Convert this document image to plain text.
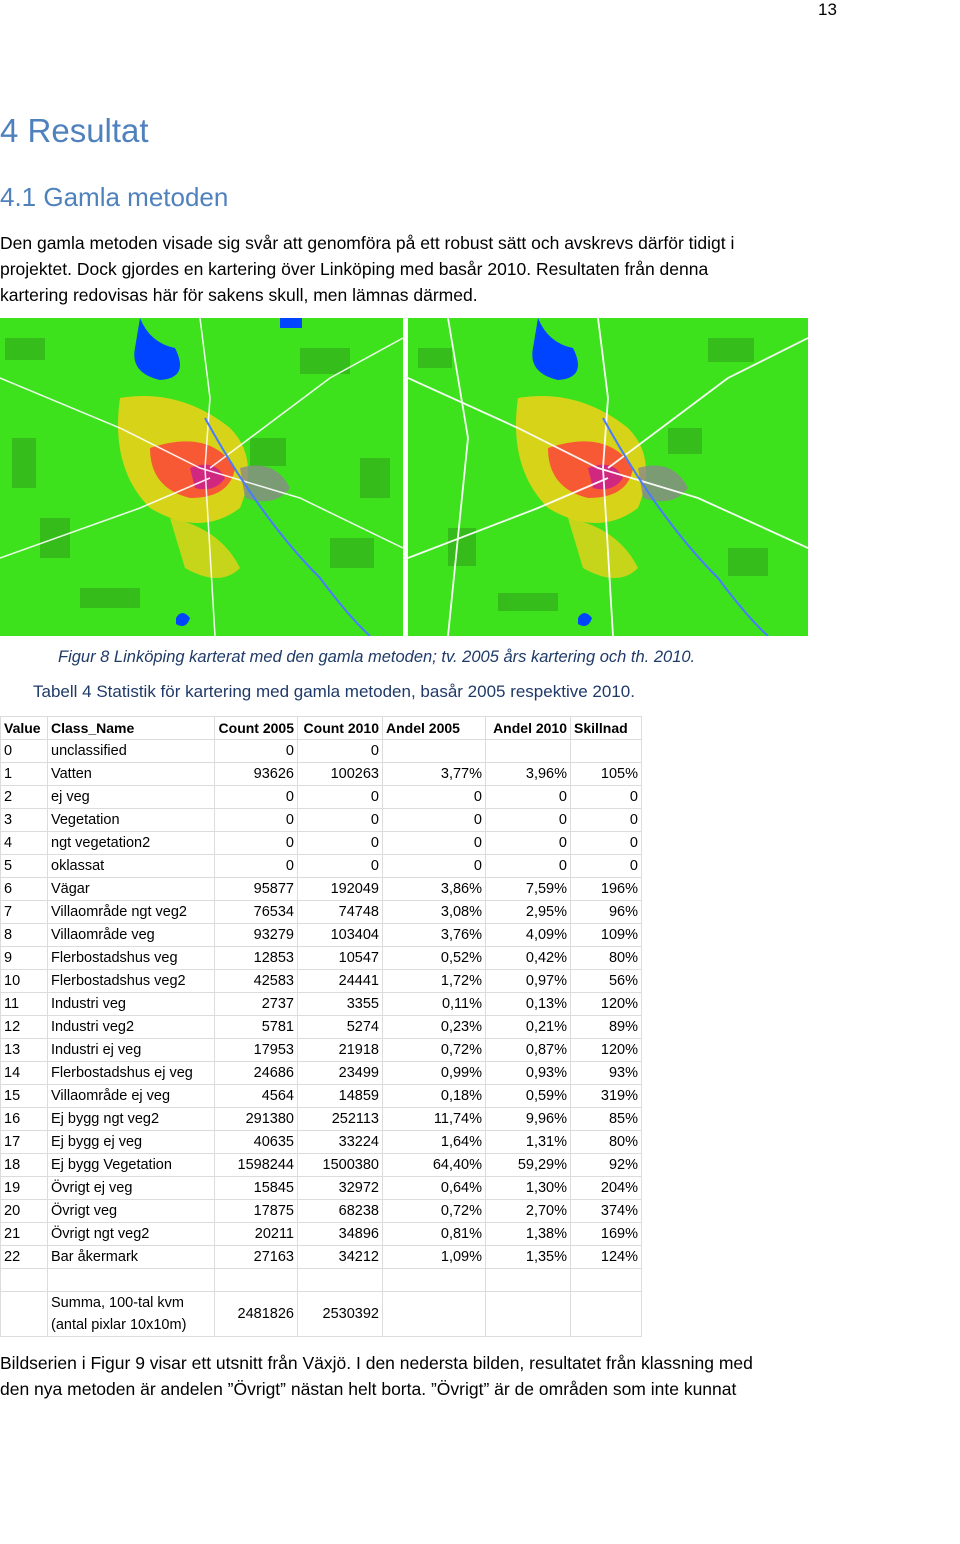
13
4 Resultat
4.1 Gamla metoden
Den gamla metoden visade sig svår att genomföra på ett robust sätt och avskrevs därför tidigt i
projektet. Dock gjordes en kartering över Linköping med basår 2010. Resultaten från denna
kartering redovisas här för sakens skull, men lämnas därmed.
Figur 8 Linköping karterat med den gamla metoden; tv. 2005 års kartering och th. 2010.
Tabell 4 Statistik för kartering med gamla metoden, basår 2005 respektive 2010.
Value	Class_Name	Count 2005	Count 2010	Andel 2005	Andel 2010	Skillnad
0	unclassified	0	0			
1	Vatten	93626	100263	3,77%	3,96%	105%
2	ej veg	0	0	0	0	0
3	Vegetation	0	0	0	0	0
4	ngt vegetation2	0	0	0	0	0
5	oklassat	0	0	0	0	0
6	Vägar	95877	192049	3,86%	7,59%	196%
7	Villaområde ngt veg2	76534	74748	3,08%	2,95%	96%
8	Villaområde veg	93279	103404	3,76%	4,09%	109%
9	Flerbostadshus veg	12853	10547	0,52%	0,42%	80%
10	Flerbostadshus veg2	42583	24441	1,72%	0,97%	56%
11	Industri veg	2737	3355	0,11%	0,13%	120%
12	Industri veg2	5781	5274	0,23%	0,21%	89%
13	Industri ej veg	17953	21918	0,72%	0,87%	120%
14	Flerbostadshus ej veg	24686	23499	0,99%	0,93%	93%
15	Villaområde ej veg	4564	14859	0,18%	0,59%	319%
16	Ej bygg ngt veg2	291380	252113	11,74%	9,96%	85%
17	Ej bygg ej veg	40635	33224	1,64%	1,31%	80%
18	Ej bygg Vegetation	1598244	1500380	64,40%	59,29%	92%
19	Övrigt ej veg	15845	32972	0,64%	1,30%	204%
20	Övrigt veg	17875	68238	0,72%	2,70%	374%
21	Övrigt ngt veg2	20211	34896	0,81%	1,38%	169%
22	Bar åkermark	27163	34212	1,09%	1,35%	124%

	Summa, 100-tal kvm
(antal pixlar 10x10m)	2481826	2530392			
Bildserien i Figur 9 visar ett utsnitt från Växjö. I den nedersta bilden, resultatet från klassning med
den nya metoden är andelen ”Övrigt” nästan helt borta. ”Övrigt” är de områden som inte kunnat
